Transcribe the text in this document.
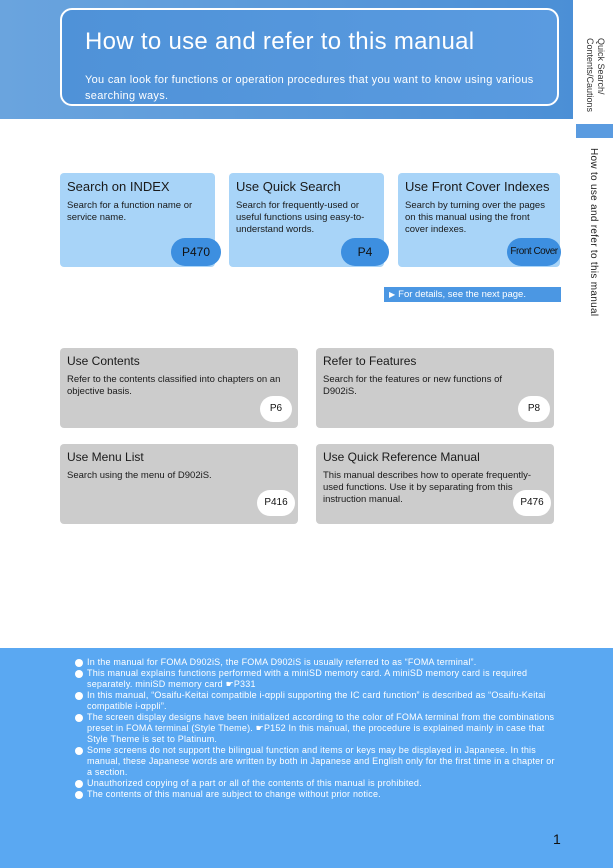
How to use and refer to this manual
You can look for functions or operation procedures that you want to know using various searching ways.
Quick Search/ Contents/Cautions
How to use and refer to this manual
Search on INDEX
Search for a function name or service name.
P470
Use Quick Search
Search for frequently-used or useful functions using easy-to-understand words.
P4
Use Front Cover Indexes
Search by turning over the pages on this manual using the front cover indexes.
Front Cover
▶ For details, see the next page.
Use Contents
Refer to the contents classified into chapters on an objective basis.
P6
Refer to Features
Search for the features or new functions of D902iS.
P8
Use Menu List
Search using the menu of D902iS.
P416
Use Quick Reference Manual
This manual describes how to operate frequently-used functions. Use it by separating from this instruction manual.	P476
In the manual for FOMA D902iS, the FOMA D902iS is usually referred to as “FOMA terminal”.
This manual explains functions performed with a miniSD memory card. A miniSD memory card is required separately. miniSD memory card ☛P331
In this manual, “Osaifu-Keitai compatible i-αppli supporting the IC card function” is described as “Osaifu-Keitai compatible i-αppli”.
The screen display designs have been initialized according to the color of FOMA terminal from the combinations preset in FOMA terminal (Style Theme). ☛P152 In this manual, the procedure is explained mainly in case that Style Theme is set to Platinum.
Some screens do not support the bilingual function and items or keys may be displayed in Japanese. In this manual, these Japanese words are written by both in Japanese and English only for the first time in a chapter or a section.
Unauthorized copying of a part or all of the contents of this manual is prohibited.
The contents of this manual are subject to change without prior notice.
1
